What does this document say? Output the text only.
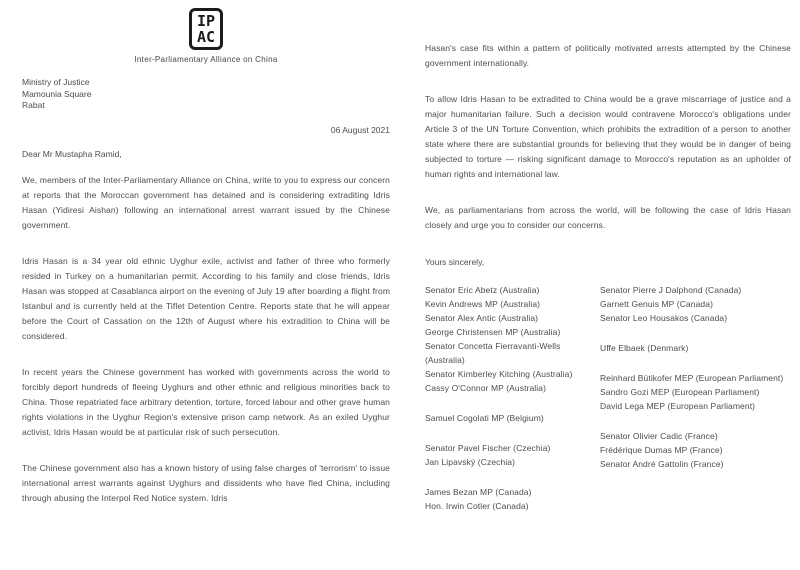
IP
AC
Inter-Parliamentary Alliance on China
Ministry of Justice
Mamounia Square
Rabat
06 August 2021
Dear Mr Mustapha Ramid,
We, members of the Inter-Parliamentary Alliance on China, write to you to express our concern at reports that the Moroccan government has detained and is considering extraditing Idris Hasan (Yidiresi Aishan) following an international arrest warrant issued by the Chinese government.
Idris Hasan is a 34 year old ethnic Uyghur exile, activist and father of three who formerly resided in Turkey on a humanitarian permit. According to his family and close friends, Idris Hasan was stopped at Casablanca airport on the evening of July 19 after boarding a flight from Istanbul and is currently held at the Tiflet Detention Centre. Reports state that he will appear before the Court of Cassation on the 12th of August where his extradition to China will be considered.
In recent years the Chinese government has worked with governments across the world to forcibly deport hundreds of fleeing Uyghurs and other ethnic and religious minorities back to China. Those repatriated face arbitrary detention, torture, forced labour and other grave human rights violations in the Uyghur Region's extensive prison camp network. As an exiled Uyghur activist, Idris Hasan would be at particular risk of such persecution.
The Chinese government also has a known history of using false charges of 'terrorism' to issue international arrest warrants against Uyghurs and dissidents who have fled China, including through abusing the Interpol Red Notice system. Idris
Hasan's case fits within a pattern of politically motivated arrests attempted by the Chinese government internationally.
To allow Idris Hasan to be extradited to China would be a grave miscarriage of justice and a major humanitarian failure. Such a decision would contravene Morocco's obligations under Article 3 of the UN Torture Convention, which prohibits the extradition of a person to another state where there are substantial grounds for believing that they would be in danger of being subjected to torture — risking significant damage to Morocco's reputation as an upholder of human rights and international law.
We, as parliamentarians from across the world, will be following the case of Idris Hasan closely and urge you to consider our concerns.
Yours sincerely,
Senator Eric Abetz (Australia)
Kevin Andrews MP (Australia)
Senator Alex Antic (Australia)
George Christensen MP (Australia)
Senator Concetta Fierravanti-Wells (Australia)
Senator Kimberley Kitching (Australia)
Cassy O'Connor MP (Australia)
Samuel Cogolati MP (Belgium)
Senator Pavel Fischer (Czechia)
Jan Lipavský (Czechia)
James Bezan MP (Canada)
Hon. Irwin Cotler (Canada)
Senator Pierre J Dalphond (Canada)
Garnett Genuis MP (Canada)
Senator Leo Housakos (Canada)
Uffe Elbaek (Denmark)
Reinhard Bütikofer MEP (European Parliament)
Sandro Gozi MEP (European Parliament)
David Lega MEP (European Parliament)
Senator Olivier Cadic (France)
Frédérique Dumas MP (France)
Senator André Gattolin (France)
